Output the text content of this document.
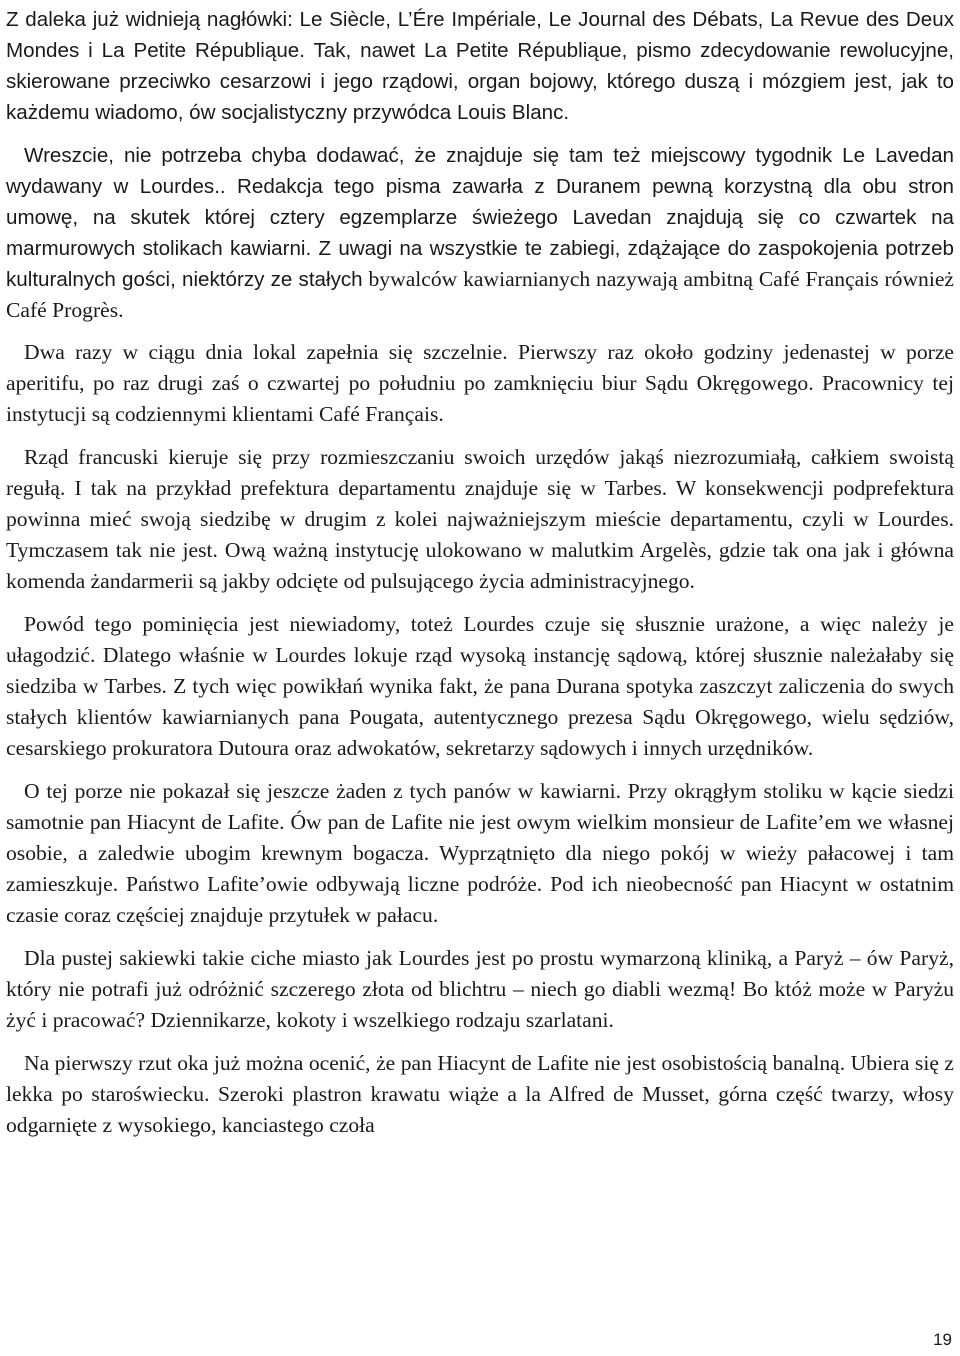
Z daleka już widnieją nagłówki: Le Siècle, L’Ére Impériale, Le Journal des Débats, La Revue des Deux Mondes i La Petite Républiąue. Tak, nawet La Petite Républiąue, pismo zdecydowanie rewolucyjne, skierowane przeciwko cesarzowi i jego rządowi, organ bojowy, którego duszą i mózgiem jest, jak to każdemu wiadomo, ów socjalistyczny przywódca Louis Blanc.

Wreszcie, nie potrzeba chyba dodawać, że znajduje się tam też miejscowy tygodnik Le Lavedan wydawany w Lourdes.. Redakcja tego pisma zawarła z Duranem pewną korzystną dla obu stron umowę, na skutek której cztery egzemplarze świeżego Lavedan znajdują się co czwartek na marmurowych stolikach kawiarni. Z uwagi na wszystkie te zabiegi, zdążające do zaspokojenia potrzeb kulturalnych gości, niektórzy ze stałych bywalców kawiarnianych nazywają ambitną Café Français również Café Progrès.

Dwa razy w ciągu dnia lokal zapełnia się szczelnie. Pierwszy raz około godziny jedenastej w porze aperitifu, po raz drugi zaś o czwartej po południu po zamknięciu biur Sądu Okręgowego. Pracownicy tej instytucji są codziennymi klientami Café Français.

Rząd francuski kieruje się przy rozmieszczaniu swoich urzędów jakąś niezrozumiałą, całkiem swoistą regułą. I tak na przykład prefektura departamentu znajduje się w Tarbes. W konsekwencji podprefektura powinna mieć swoją siedzibę w drugim z kolei najważniejszym mieście departamentu, czyli w Lourdes. Tymczasem tak nie jest. Ową ważną instytucję ulokowano w malutkim Argelès, gdzie tak ona jak i główna komenda żandarmerii są jakby odcięte od pulsującego życia administracyjnego.

Powód tego pominięcia jest niewiadomy, toteż Lourdes czuje się słusznie urażone, a więc należy je ułagodzić. Dlatego właśnie w Lourdes lokuje rząd wysoką instancję sądową, której słusznie należałaby się siedziba w Tarbes. Z tych więc powikłań wynika fakt, że pana Durana spotyka zaszczyt zaliczenia do swych stałych klientów kawiarnianych pana Pougata, autentycznego prezesa Sądu Okręgowego, wielu sędziów, cesarskiego prokuratora Dutoura oraz adwokatów, sekretarzy sądowych i innych urzędników.

O tej porze nie pokazał się jeszcze żaden z tych panów w kawiarni. Przy okrągłym stoliku w kącie siedzi samotnie pan Hiacynt de Lafite. Ów pan de Lafite nie jest owym wielkim monsieur de Lafite’em we własnej osobie, a zaledwie ubogim krewnym bogacza. Wyprzątnięto dla niego pokój w wieży pałacowej i tam zamieszkuje. Państwo Lafite’owie odbywają liczne podróże. Pod ich nieobecność pan Hiacynt w ostatnim czasie coraz częściej znajduje przytułek w pałacu.

Dla pustej sakiewki takie ciche miasto jak Lourdes jest po prostu wymarzoną kliniką, a Paryż – ów Paryż, który nie potrafi już odróżnić szczerego złota od blichtru – niech go diabli wezmą! Bo któż może w Paryżu żyć i pracować? Dziennikarze, kokoty i wszelkiego rodzaju szarlatani.

Na pierwszy rzut oka już można ocenić, że pan Hiacynt de Lafite nie jest osobistością banalną. Ubiera się z lekka po staroświecku. Szeroki plastron krawatu wiąże a la Alfred de Musset, górna część twarzy, włosy odgarnięte z wysokiego, kanciastego czoła

19
